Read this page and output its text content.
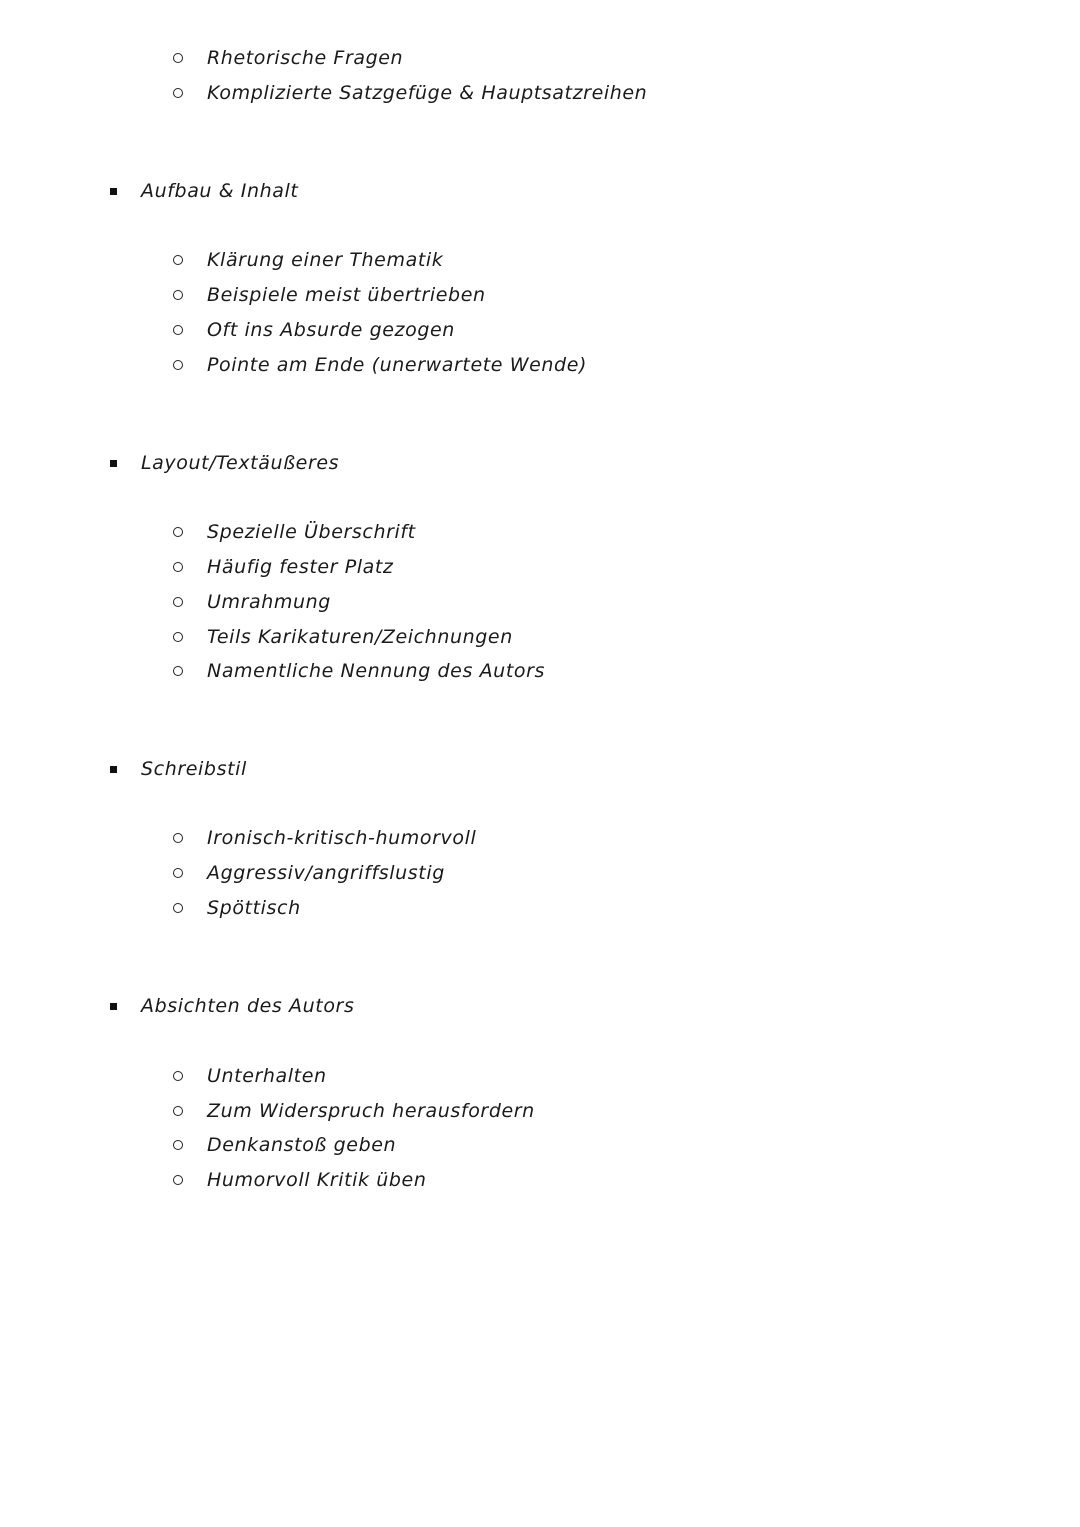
Rhetorische Fragen
Komplizierte Satzgefüge & Hauptsatzreihen
Aufbau & Inhalt
Klärung einer Thematik
Beispiele meist übertrieben
Oft ins Absurde gezogen
Pointe am Ende (unerwartete Wende)
Layout/Textäußeres
Spezielle Überschrift
Häufig fester Platz
Umrahmung
Teils Karikaturen/Zeichnungen
Namentliche Nennung des Autors
Schreibstil
Ironisch-kritisch-humorvoll
Aggressiv/angriffslustig
Spöttisch
Absichten des Autors
Unterhalten
Zum Widerspruch herausfordern
Denkanstoß geben
Humorvoll Kritik üben
